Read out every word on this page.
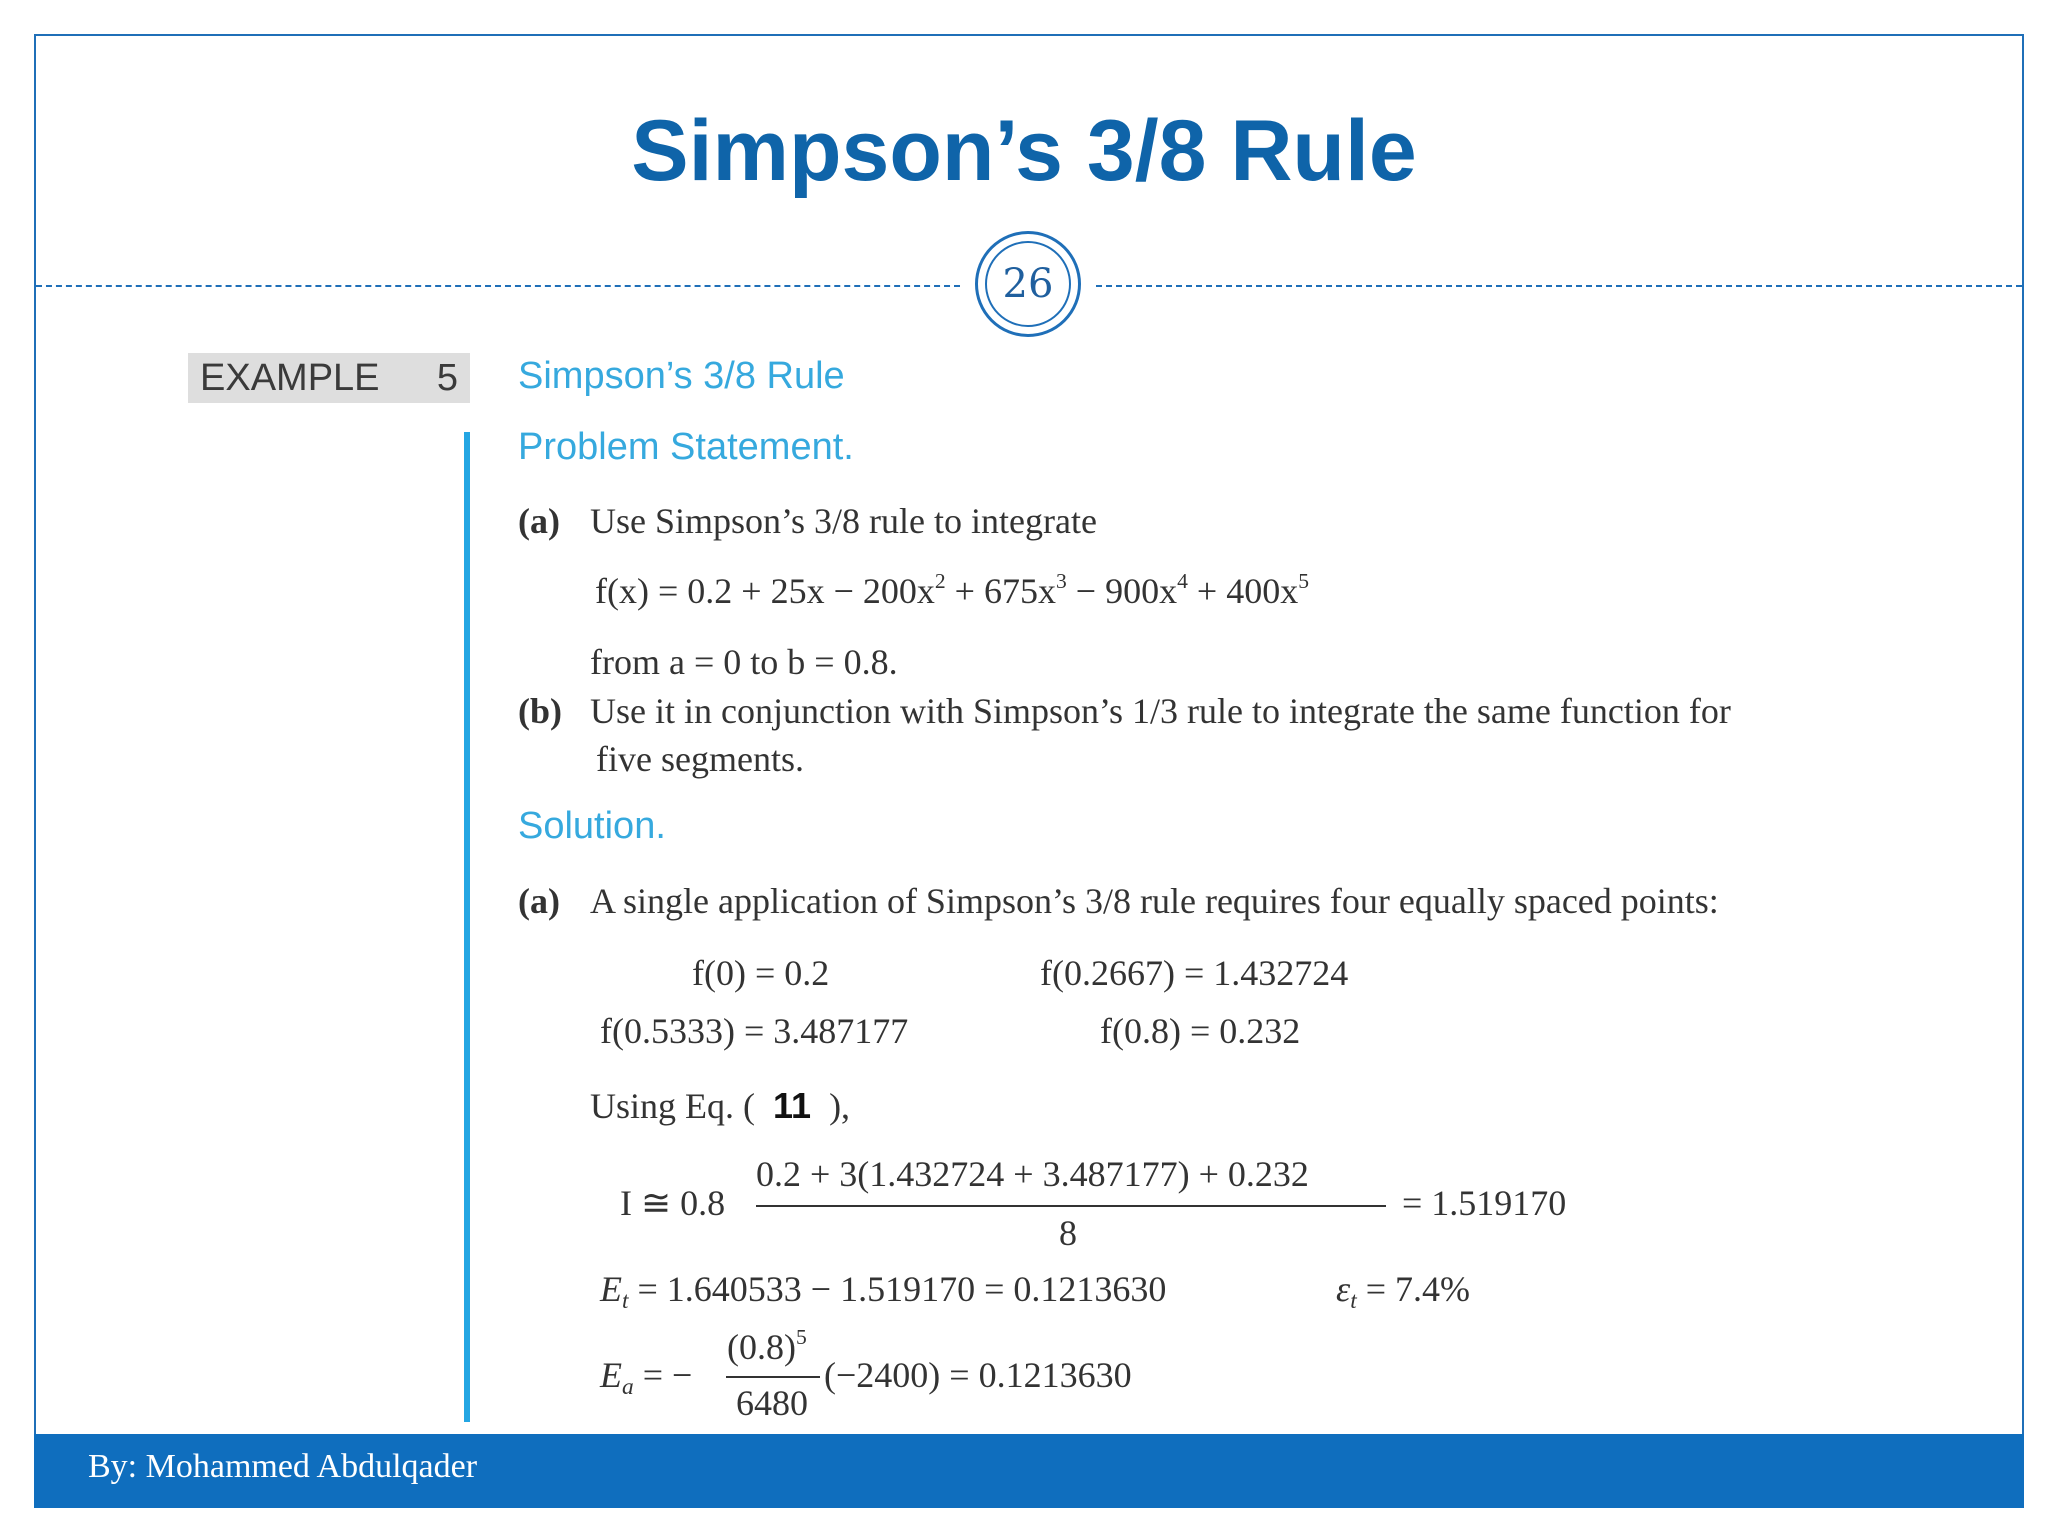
Simpson’s 3/8 Rule
26
EXAMPLE 5 Simpson’s 3/8 Rule
Problem Statement.
(a) Use Simpson’s 3/8 rule to integrate
$f(x) = 0.2 + 25x - 200x^2 + 675x^3 - 900x^4 + 400x^5$
from a = 0 to b = 0.8.
(b) Use it in conjunction with Simpson’s 1/3 rule to integrate the same function for
five segments.
Solution.
(a) A single application of Simpson’s 3/8 rule requires four equally spaced points:
f(0) = 0.2	f(0.2667) = 1.432724
f(0.5333) = 3.487177	f(0.8) = 0.232
Using Eq. ( 11 ),
I ≅ 0.8
0.2 + 3(1.432724 + 3.487177) + 0.232
8
= 1.519170
$E_t = 1.640533 - 1.519170 = 0.1213630$	$\varepsilon_t = 7.4\%$
$E_a$ = −
$(0.8)^5$
6480
(−2400) = 0.1213630
By: Mohammed Abdulqader
